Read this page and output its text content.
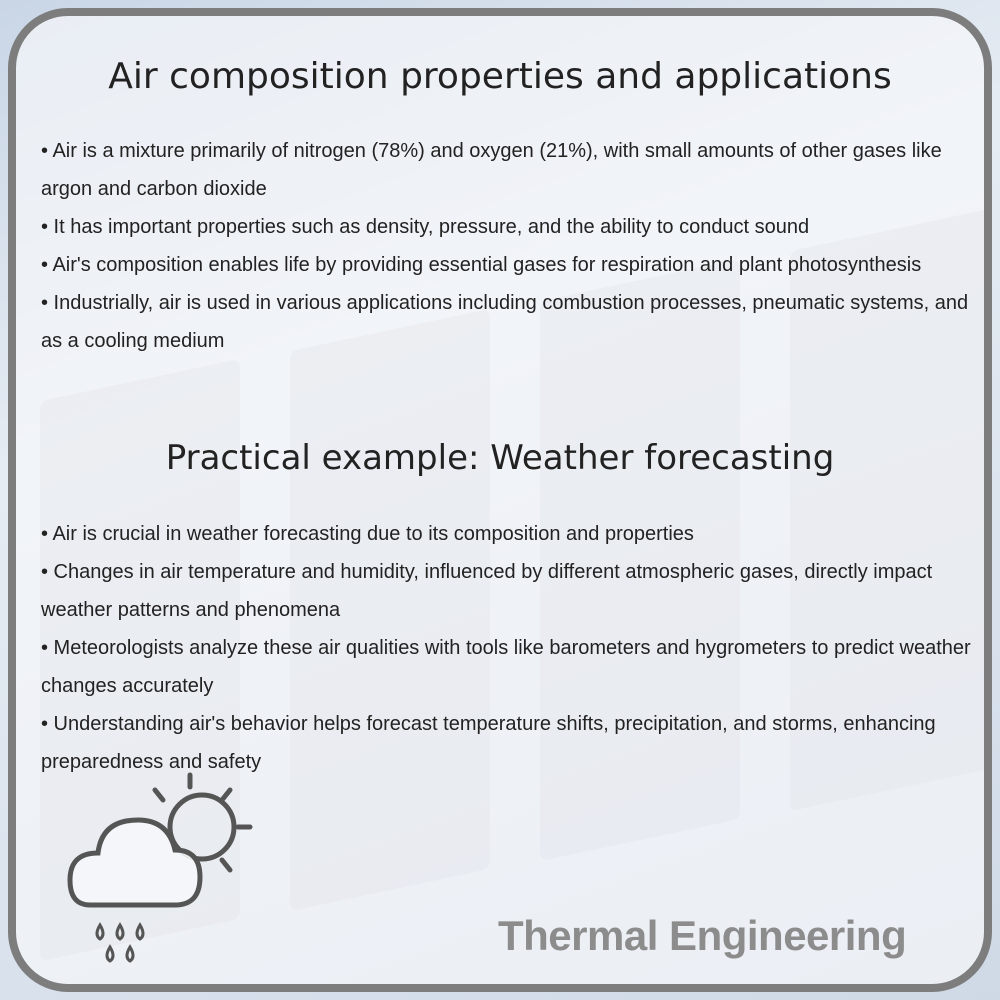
Air composition properties and applications
• Air is a mixture primarily of nitrogen (78%) and oxygen (21%), with small amounts of other gases like argon and carbon dioxide
• It has important properties such as density, pressure, and the ability to conduct sound
• Air's composition enables life by providing essential gases for respiration and plant photosynthesis
• Industrially, air is used in various applications including combustion processes, pneumatic systems, and as a cooling medium
Practical example: Weather forecasting
• Air is crucial in weather forecasting due to its composition and properties
• Changes in air temperature and humidity, influenced by different atmospheric gases, directly impact weather patterns and phenomena
• Meteorologists analyze these air qualities with tools like barometers and hygrometers to predict weather changes accurately
• Understanding air's behavior helps forecast temperature shifts, precipitation, and storms, enhancing preparedness and safety
Thermal Engineering
